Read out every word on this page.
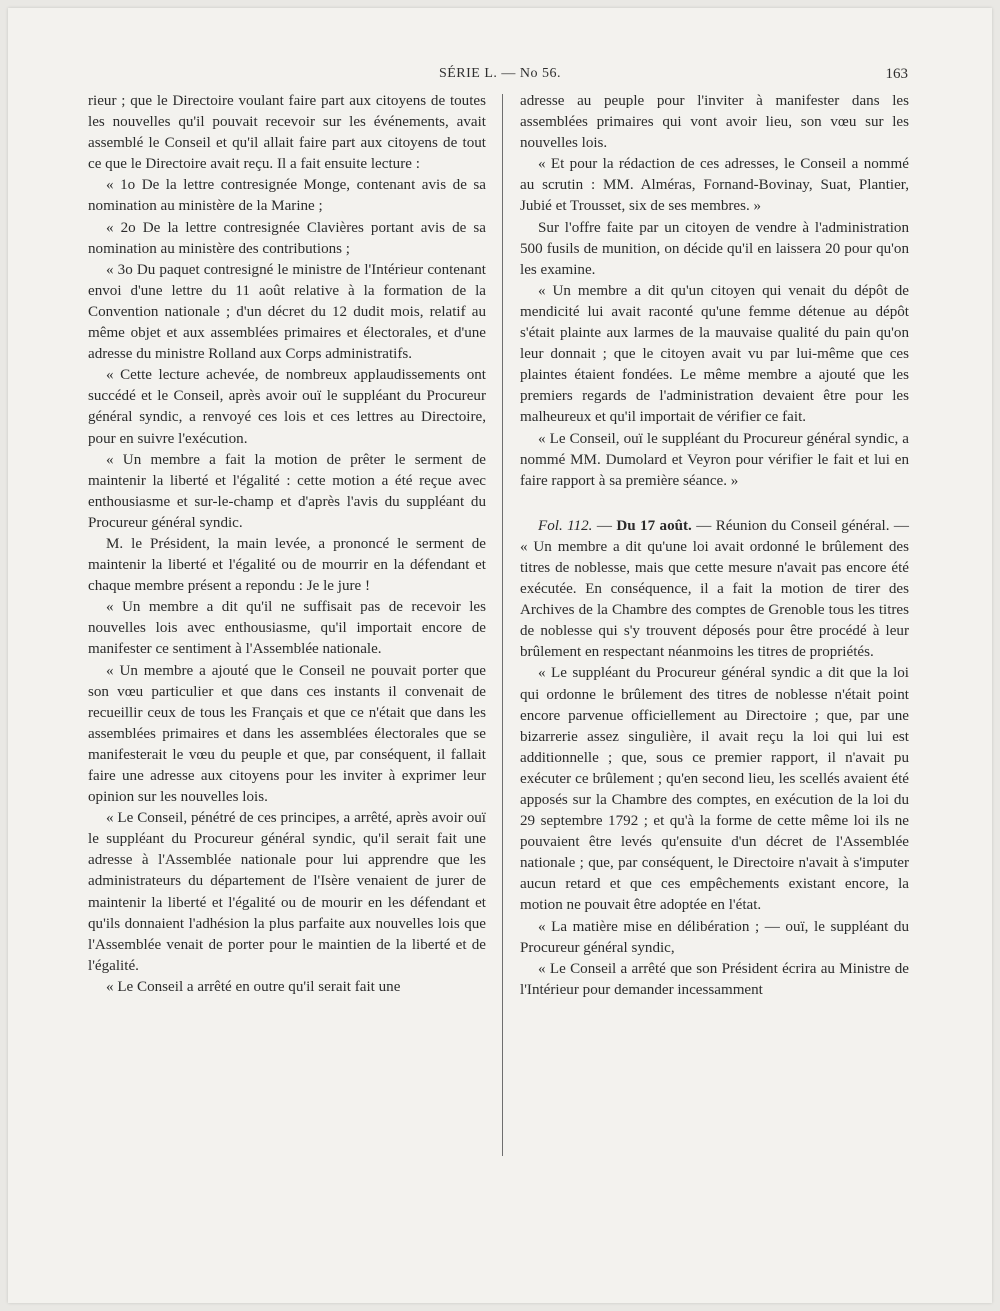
SÉRIE L. — No 56.	163

rieur ; que le Directoire voulant faire part aux citoyens de toutes les nouvelles qu'il pouvait recevoir sur les événements, avait assemblé le Conseil et qu'il allait faire part aux citoyens de tout ce que le Directoire avait reçu. Il a fait ensuite lecture :

« 1o De la lettre contresignée Monge, contenant avis de sa nomination au ministère de la Marine ;

« 2o De la lettre contresignée Clavières portant avis de sa nomination au ministère des contributions ;

« 3o Du paquet contresigné le ministre de l'Intérieur contenant envoi d'une lettre du 11 août relative à la formation de la Convention nationale ; d'un décret du 12 dudit mois, relatif au même objet et aux assemblées primaires et électorales, et d'une adresse du ministre Rolland aux Corps administratifs.

« Cette lecture achevée, de nombreux applaudissements ont succédé et le Conseil, après avoir ouï le suppléant du Procureur général syndic, a renvoyé ces lois et ces lettres au Directoire, pour en suivre l'exécution.

« Un membre a fait la motion de prêter le serment de maintenir la liberté et l'égalité : cette motion a été reçue avec enthousiasme et sur-le-champ et d'après l'avis du suppléant du Procureur général syndic.

M. le Président, la main levée, a prononcé le serment de maintenir la liberté et l'égalité ou de mourrir en la défendant et chaque membre présent a repondu : Je le jure !

« Un membre a dit qu'il ne suffisait pas de recevoir les nouvelles lois avec enthousiasme, qu'il importait encore de manifester ce sentiment à l'Assemblée nationale.

« Un membre a ajouté que le Conseil ne pouvait porter que son vœu particulier et que dans ces instants il convenait de recueillir ceux de tous les Français et que ce n'était que dans les assemblées primaires et dans les assemblées électorales que se manifesterait le vœu du peuple et que, par conséquent, il fallait faire une adresse aux citoyens pour les inviter à exprimer leur opinion sur les nouvelles lois.

« Le Conseil, pénétré de ces principes, a arrêté, après avoir ouï le suppléant du Procureur général syndic, qu'il serait fait une adresse à l'Assemblée nationale pour lui apprendre que les administrateurs du département de l'Isère venaient de jurer de maintenir la liberté et l'égalité ou de mourir en les défendant et qu'ils donnaient l'adhésion la plus parfaite aux nouvelles lois que l'Assemblée venait de porter pour le maintien de la liberté et de l'égalité.

« Le Conseil a arrêté en outre qu'il serait fait une

adresse au peuple pour l'inviter à manifester dans les assemblées primaires qui vont avoir lieu, son vœu sur les nouvelles lois.

« Et pour la rédaction de ces adresses, le Conseil a nommé au scrutin : MM. Alméras, Fornand-Bovinay, Suat, Plantier, Jubié et Trousset, six de ses membres. »

Sur l'offre faite par un citoyen de vendre à l'administration 500 fusils de munition, on décide qu'il en laissera 20 pour qu'on les examine.

« Un membre a dit qu'un citoyen qui venait du dépôt de mendicité lui avait raconté qu'une femme détenue au dépôt s'était plainte aux larmes de la mauvaise qualité du pain qu'on leur donnait ; que le citoyen avait vu par lui-même que ces plaintes étaient fondées. Le même membre a ajouté que les premiers regards de l'administration devaient être pour les malheureux et qu'il importait de vérifier ce fait.

« Le Conseil, ouï le suppléant du Procureur général syndic, a nommé MM. Dumolard et Veyron pour vérifier le fait et lui en faire rapport à sa première séance. »

Fol. 112. — Du 17 août. — Réunion du Conseil général. — « Un membre a dit qu'une loi avait ordonné le brûlement des titres de noblesse, mais que cette mesure n'avait pas encore été exécutée. En conséquence, il a fait la motion de tirer des Archives de la Chambre des comptes de Grenoble tous les titres de noblesse qui s'y trouvent déposés pour être procédé à leur brûlement en respectant néanmoins les titres de propriétés.

« Le suppléant du Procureur général syndic a dit que la loi qui ordonne le brûlement des titres de noblesse n'était point encore parvenue officiellement au Directoire ; que, par une bizarrerie assez singulière, il avait reçu la loi qui lui est additionnelle ; que, sous ce premier rapport, il n'avait pu exécuter ce brûlement ; qu'en second lieu, les scellés avaient été apposés sur la Chambre des comptes, en exécution de la loi du 29 septembre 1792 ; et qu'à la forme de cette même loi ils ne pouvaient être levés qu'ensuite d'un décret de l'Assemblée nationale ; que, par conséquent, le Directoire n'avait à s'imputer aucun retard et que ces empêchements existant encore, la motion ne pouvait être adoptée en l'état.

« La matière mise en délibération ; — ouï, le suppléant du Procureur général syndic,

« Le Conseil a arrêté que son Président écrira au Ministre de l'Intérieur pour demander incessamment
